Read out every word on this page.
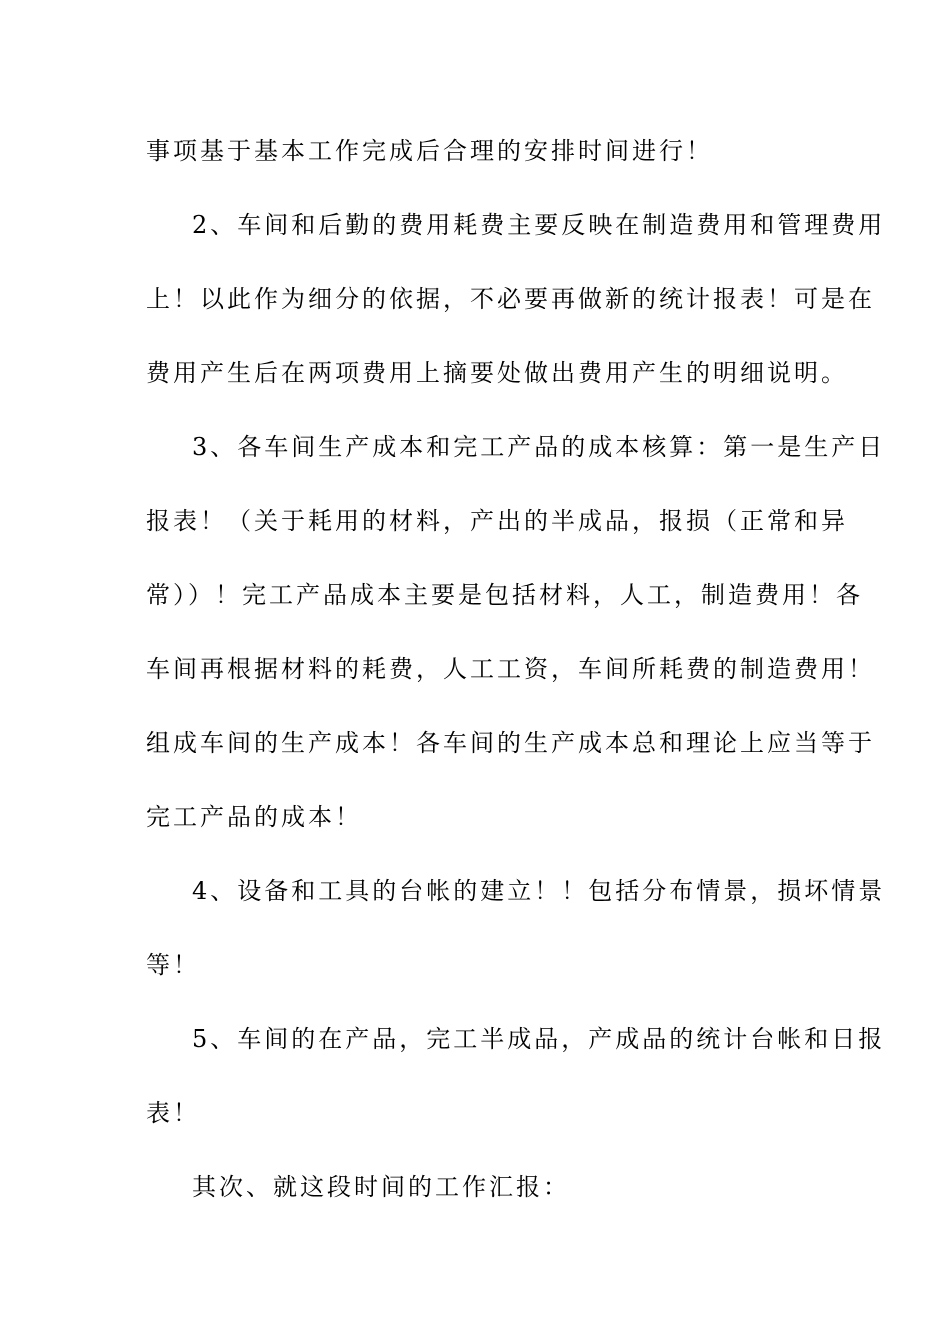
事项基于基本工作完成后合理的安排时间进行！
2、车间和后勤的费用耗费主要反映在制造费用和管理费用
上！以此作为细分的依据，不必要再做新的统计报表！可是在
费用产生后在两项费用上摘要处做出费用产生的明细说明。
3、各车间生产成本和完工产品的成本核算：第一是生产日
报表！（关于耗用的材料，产出的半成品，报损（正常和异
常））！完工产品成本主要是包括材料，人工，制造费用！各
车间再根据材料的耗费，人工工资，车间所耗费的制造费用！
组成车间的生产成本！各车间的生产成本总和理论上应当等于
完工产品的成本！
4、设备和工具的台帐的建立！！包括分布情景，损坏情景
等！
5、车间的在产品，完工半成品，产成品的统计台帐和日报
表！
其次、就这段时间的工作汇报：
